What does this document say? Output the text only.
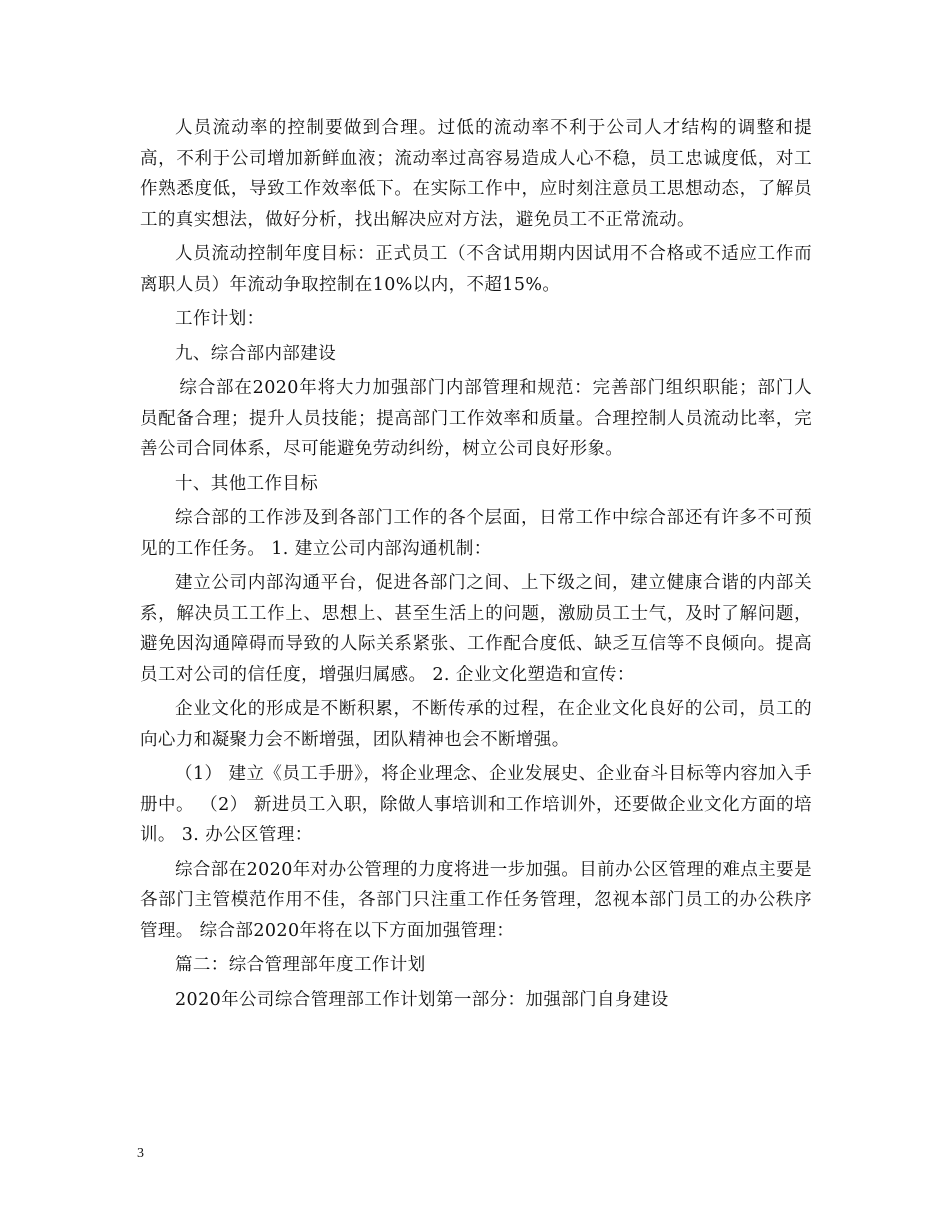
人员流动率的控制要做到合理。过低的流动率不利于公司人才结构的调整和提高，不利于公司增加新鲜血液；流动率过高容易造成人心不稳，员工忠诚度低，对工作熟悉度低，导致工作效率低下。在实际工作中，应时刻注意员工思想动态，了解员工的真实想法，做好分析，找出解决应对方法，避免员工不正常流动。

人员流动控制年度目标：正式员工（不含试用期内因试用不合格或不适应工作而离职人员）年流动争取控制在10%以内，不超15%。

工作计划：

九、综合部内部建设

综合部在2020年将大力加强部门内部管理和规范：完善部门组织职能；部门人员配备合理；提升人员技能；提高部门工作效率和质量。合理控制人员流动比率，完善公司合同体系，尽可能避免劳动纠纷，树立公司良好形象。

十、其他工作目标

综合部的工作涉及到各部门工作的各个层面，日常工作中综合部还有许多不可预见的工作任务。 1. 建立公司内部沟通机制：

建立公司内部沟通平台，促进各部门之间、上下级之间，建立健康合谐的内部关系，解决员工工作上、思想上、甚至生活上的问题，激励员工士气，及时了解问题，避免因沟通障碍而导致的人际关系紧张、工作配合度低、缺乏互信等不良倾向。提高员工对公司的信任度，增强归属感。 2. 企业文化塑造和宣传：

企业文化的形成是不断积累，不断传承的过程，在企业文化良好的公司，员工的向心力和凝聚力会不断增强，团队精神也会不断增强。

（1） 建立《员工手册》，将企业理念、企业发展史、企业奋斗目标等内容加入手册中。 （2） 新进员工入职，除做人事培训和工作培训外，还要做企业文化方面的培训。 3. 办公区管理：

综合部在2020年对办公管理的力度将进一步加强。目前办公区管理的难点主要是各部门主管模范作用不佳，各部门只注重工作任务管理，忽视本部门员工的办公秩序管理。 综合部2020年将在以下方面加强管理：

篇二：综合管理部年度工作计划

2020年公司综合管理部工作计划第一部分：加强部门自身建设

3
